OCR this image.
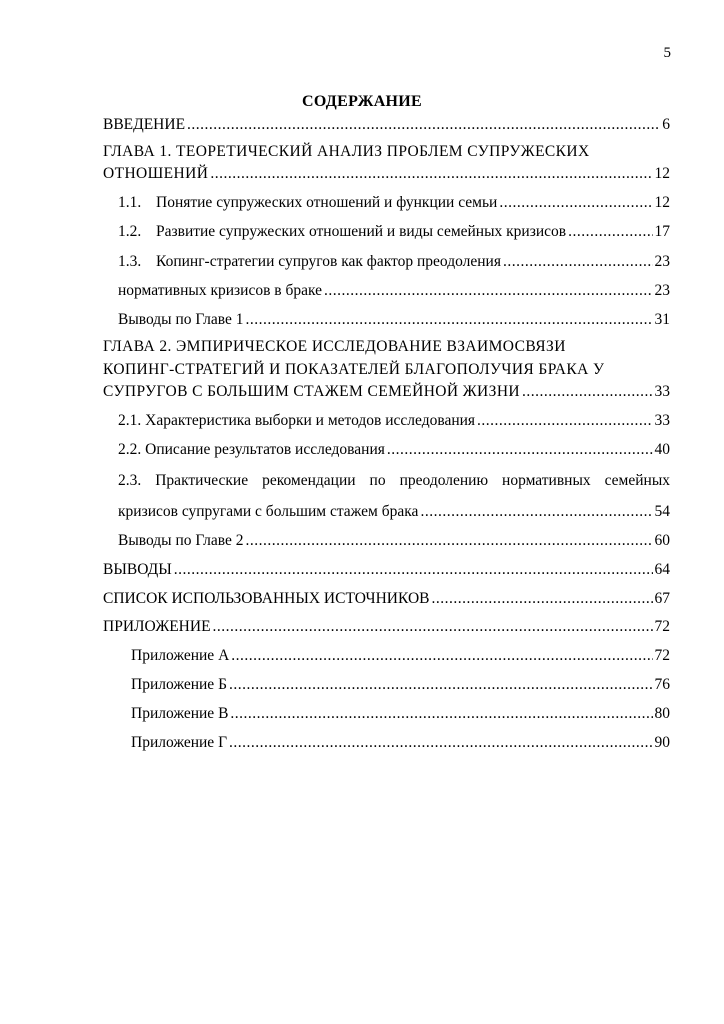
5
СОДЕРЖАНИЕ
ВВЕДЕНИЕ .....	6
ГЛАВА 1. ТЕОРЕТИЧЕСКИЙ АНАЛИЗ ПРОБЛЕМ СУПРУЖЕСКИХ
ОТНОШЕНИЙ .....	12
1.1. Понятие супружеских отношений и функции семьи .....	12
1.2. Развитие супружеских отношений и виды семейных кризисов .....	17
1.3. Копинг-стратегии супругов как фактор преодоления .....	23
нормативных кризисов в браке .....	23
Выводы по Главе 1 .....	31
ГЛАВА 2. ЭМПИРИЧЕСКОЕ ИССЛЕДОВАНИЕ ВЗАИМОСВЯЗИ
КОПИНГ-СТРАТЕГИЙ И ПОКАЗАТЕЛЕЙ БЛАГОПОЛУЧИЯ БРАКА У
СУПРУГОВ С БОЛЬШИМ СТАЖЕМ СЕМЕЙНОЙ ЖИЗНИ .....	33
2.1. Характеристика выборки и методов исследования .....	33
2.2. Описание результатов исследования .....	40
2.3. Практические рекомендации по преодолению нормативных семейных
кризисов супругами с большим стажем брака .....	54
Выводы по Главе 2 .....	60
ВЫВОДЫ .....	64
СПИСОК ИСПОЛЬЗОВАННЫХ ИСТОЧНИКОВ .....	67
ПРИЛОЖЕНИЕ .....	72
Приложение А .....	72
Приложение Б .....	76
Приложение В .....	80
Приложение Г .....	90
